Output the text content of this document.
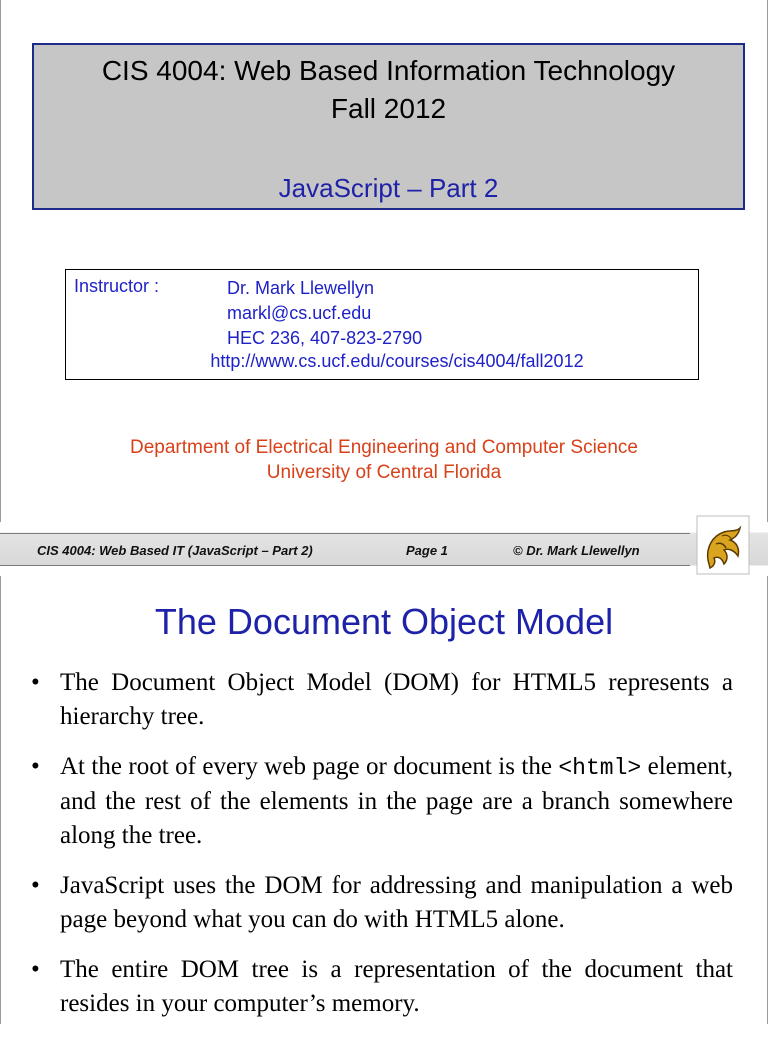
CIS 4004: Web Based Information Technology
Fall 2012
JavaScript – Part 2
Instructor :	Dr. Mark Llewellyn
markl@cs.ucf.edu
HEC 236, 407-823-2790
http://www.cs.ucf.edu/courses/cis4004/fall2012
Department of Electrical Engineering and Computer Science
University of Central Florida
CIS 4004: Web Based IT (JavaScript – Part 2)	Page 1	© Dr. Mark Llewellyn
The Document Object Model
• The Document Object Model (DOM) for HTML5 represents a hierarchy tree.
• At the root of every web page or document is the <html> element, and the rest of the elements in the page are a branch somewhere along the tree.
• JavaScript uses the DOM for addressing and manipulation a web page beyond what you can do with HTML5 alone.
• The entire DOM tree is a representation of the document that resides in your computer’s memory.
